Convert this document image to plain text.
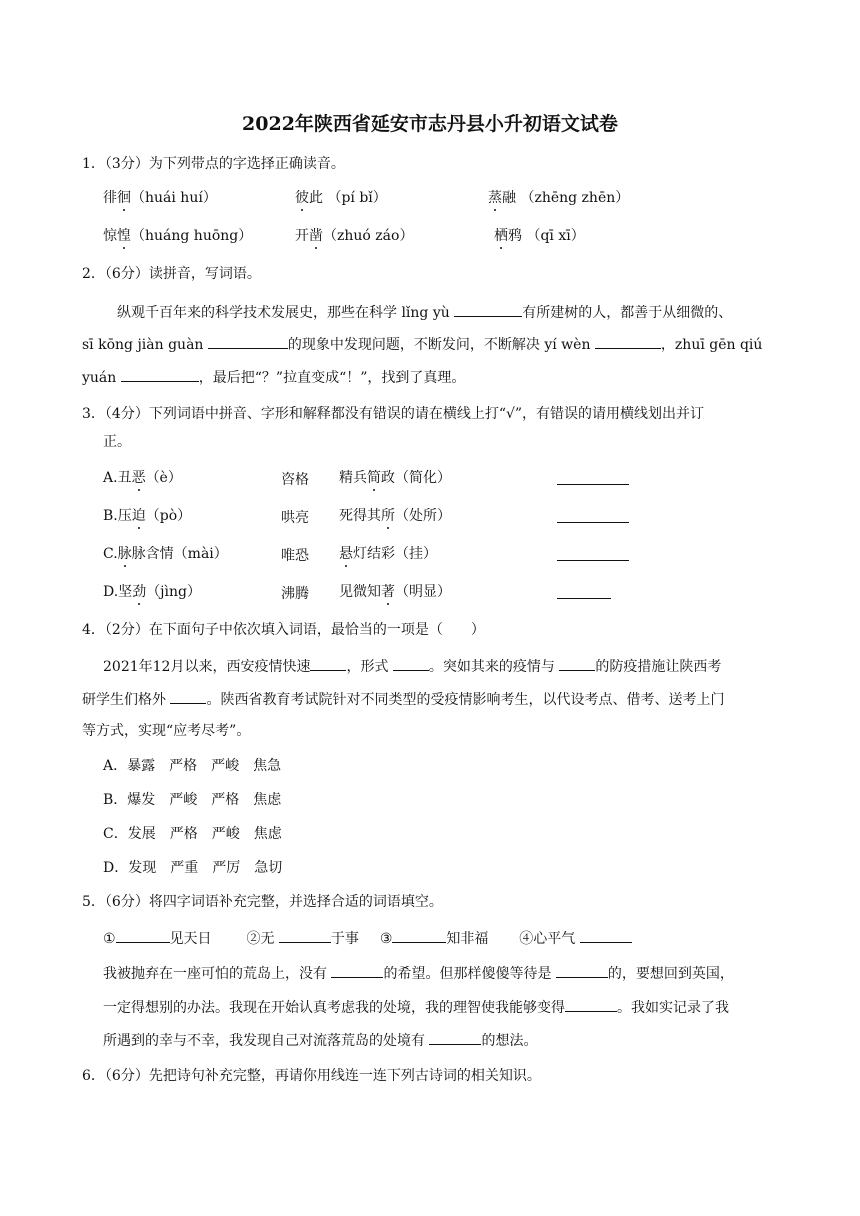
2022年陕西省延安市志丹县小升初语文试卷
1．（3分）为下列带点的字选择正确读音。
徘徊（huái huí）	彼此 （pí bǐ）	蒸融 （zhēng zhēn）
惊惶（huáng huōng）	开凿（zhuó záo）	栖鸦 （qī xī）
2．（6分）读拼音，写词语。
纵观千百年来的科学技术发展史，那些在科学 lǐng yù	有所建树的人，都善于从细微的、
sī kōng jiàn guàn	的现象中发现问题，不断发问，不断解决 yí wèn	，zhuī gēn qiú
yuán	，最后把“？”拉直变成“！”，找到了真理。
3．（4分）下列词语中拼音、字形和解释都没有错误的请在横线上打“√”，有错误的请用横线划出并订
正。
A.丑恶（è）	咨格 精兵简政（简化）
B.压迫（pò）	哄亮 死得其所（处所）
C.脉脉含情（mài）	唯恐 悬灯结彩（挂）
D.坚劲（jìng）	沸腾 见微知著（明显）
4．（2分）在下面句子中依次填入词语，最恰当的一项是（　　）
2021年12月以来，西安疫情快速	，形式	。突如其来的疫情与	的防疫措施让陕西考
研学生们格外	。陕西省教育考试院针对不同类型的受疫情影响考生，以代设考点、借考、送考上门
等方式，实现“应考尽考”。
A．暴露　严格　严峻　焦急
B．爆发　严峻　严格　焦虑
C．发展　严格　严峻　焦虑
D．发现　严重　严厉　急切
5．（6分）将四字词语补充完整，并选择合适的词语填空。
①	见天日 ②无	于事 ③	知非福 ④心平气
我被抛弃在一座可怕的荒岛上，没有	的希望。但那样傻傻等待是	的，要想回到英国，
一定得想别的办法。我现在开始认真考虑我的处境，我的理智使我能够变得	。我如实记录了我
所遇到的幸与不幸，我发现自己对流落荒岛的处境有	的想法。
6．（6分）先把诗句补充完整，再请你用线连一连下列古诗词的相关知识。
